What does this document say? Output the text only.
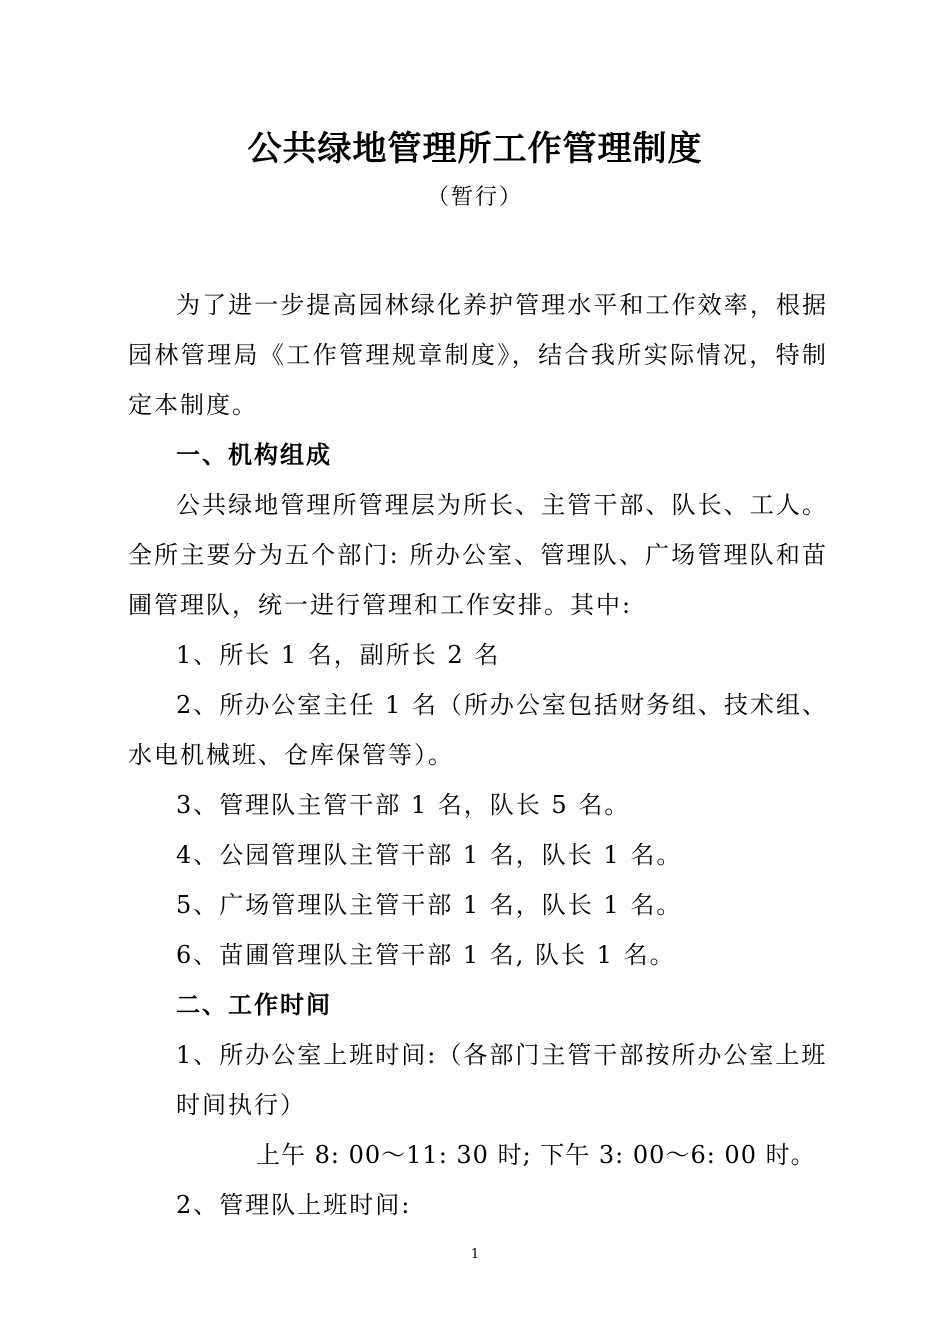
公共绿地管理所工作管理制度
（暂行）

为了进一步提高园林绿化养护管理水平和工作效率，根据园林管理局《工作管理规章制度》，结合我所实际情况，特制定本制度。

一、机构组成

公共绿地管理所管理层为所长、主管干部、队长、工人。全所主要分为五个部门: 所办公室、管理队、广场管理队和苗圃管理队，统一进行管理和工作安排。其中:

1、所长 1 名，副所长 2 名

2、所办公室主任 1 名（所办公室包括财务组、技术组、水电机械班、仓库保管等）。

3、管理队主管干部 1 名，队长 5 名。

4、公园管理队主管干部 1 名，队长 1 名。

5、广场管理队主管干部 1 名，队长 1 名。

6、苗圃管理队主管干部 1 名, 队长 1 名。

二、工作时间

1、所办公室上班时间:（各部门主管干部按所办公室上班时间执行）

上午 8: 00～11: 30 时; 下午 3: 00～6: 00 时。

2、管理队上班时间:

1
